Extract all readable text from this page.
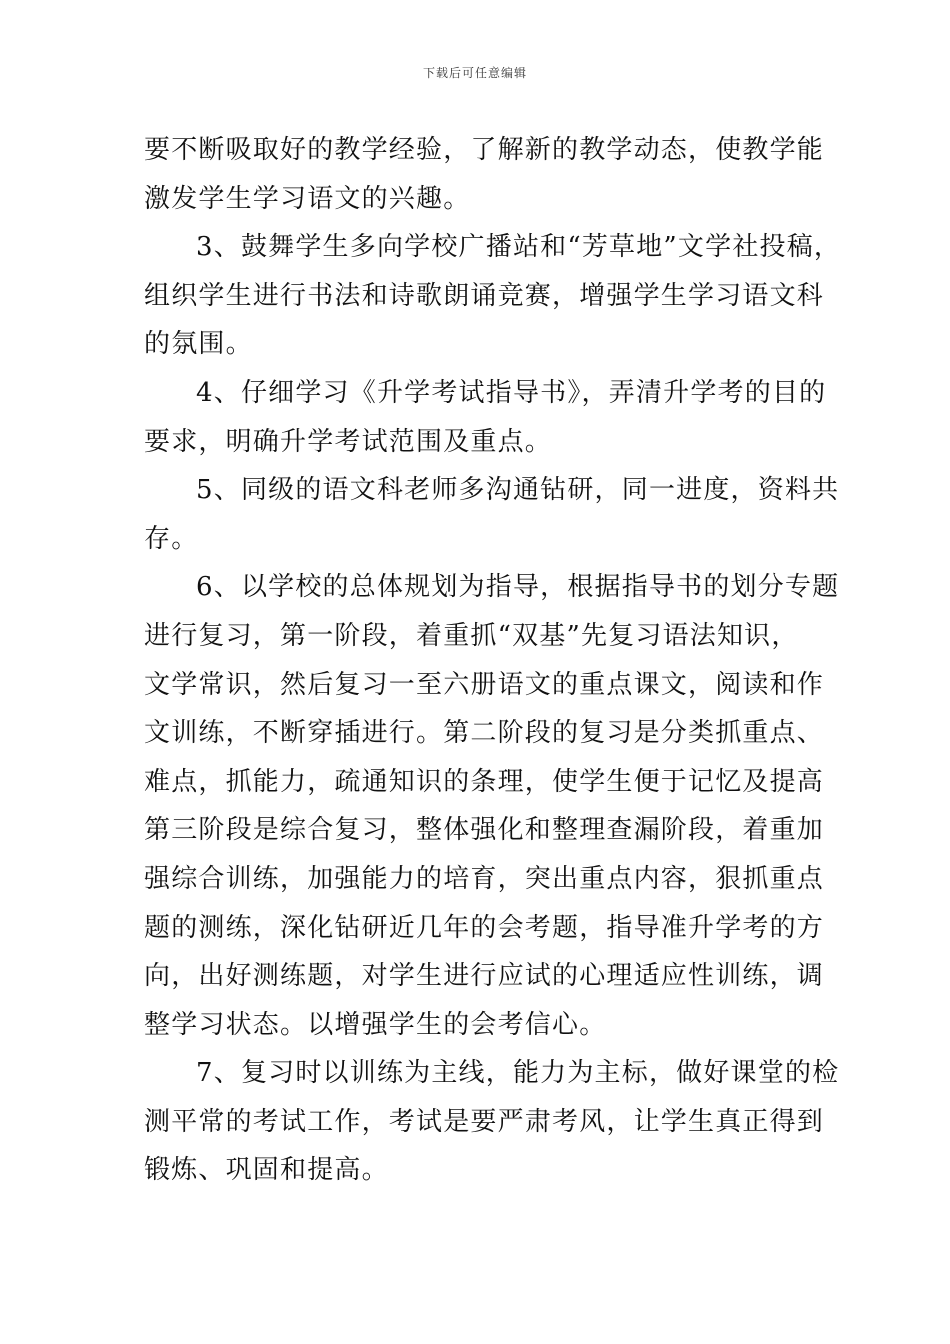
下载后可任意编辑
要不断吸取好的教学经验，了解新的教学动态，使教学能
激发学生学习语文的兴趣。
3、鼓舞学生多向学校广播站和“芳草地”文学社投稿，
组织学生进行书法和诗歌朗诵竞赛，增强学生学习语文科
的氛围。
4、仔细学习《升学考试指导书》，弄清升学考的目的
要求，明确升学考试范围及重点。
5、同级的语文科老师多沟通钻研，同一进度，资料共
存。
6、以学校的总体规划为指导，根据指导书的划分专题
进行复习，第一阶段，着重抓“双基”先复习语法知识，
文学常识，然后复习一至六册语文的重点课文，阅读和作
文训练，不断穿插进行。第二阶段的复习是分类抓重点、
难点，抓能力，疏通知识的条理，使学生便于记忆及提高
第三阶段是综合复习，整体强化和整理查漏阶段，着重加
强综合训练，加强能力的培育，突出重点内容，狠抓重点
题的测练，深化钻研近几年的会考题，指导准升学考的方
向，出好测练题，对学生进行应试的心理适应性训练，调
整学习状态。以增强学生的会考信心。
7、复习时以训练为主线，能力为主标，做好课堂的检
测平常的考试工作，考试是要严肃考风，让学生真正得到
锻炼、巩固和提高。
